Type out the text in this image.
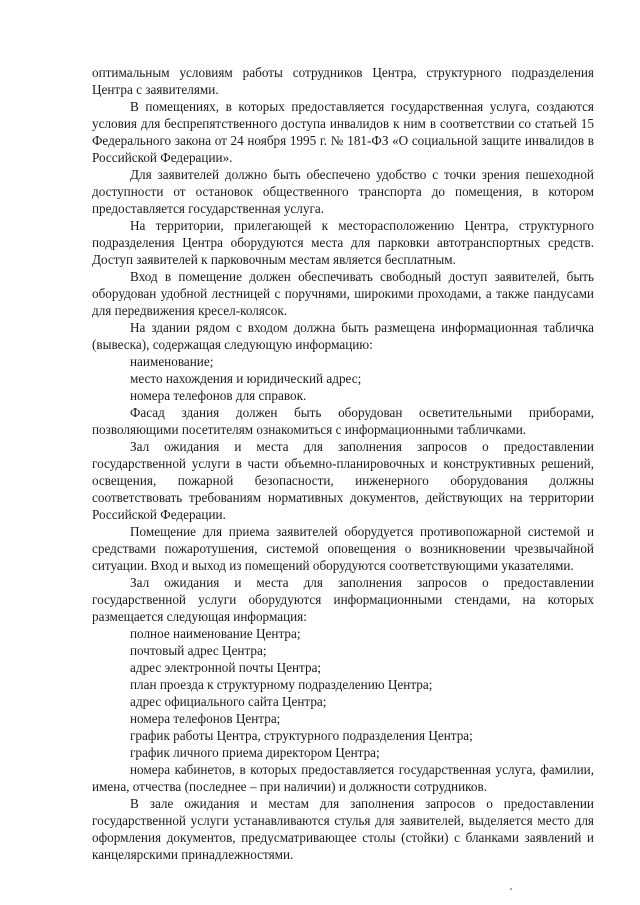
оптимальным условиям работы сотрудников Центра, структурного подразделения Центра с заявителями.

В помещениях, в которых предоставляется государственная услуга, создаются условия для беспрепятственного доступа инвалидов к ним в соответствии со статьей 15 Федерального закона от 24 ноября 1995 г. № 181-ФЗ «О социальной защите инвалидов в Российской Федерации».

Для заявителей должно быть обеспечено удобство с точки зрения пешеходной доступности от остановок общественного транспорта до помещения, в котором предоставляется государственная услуга.

На территории, прилегающей к месторасположению Центра, структурного подразделения Центра оборудуются места для парковки автотранспортных средств. Доступ заявителей к парковочным местам является бесплатным.

Вход в помещение должен обеспечивать свободный доступ заявителей, быть оборудован удобной лестницей с поручнями, широкими проходами, а также пандусами для передвижения кресел-колясок.

На здании рядом с входом должна быть размещена информационная табличка (вывеска), содержащая следующую информацию:

наименование;

место нахождения и юридический адрес;

номера телефонов для справок.

Фасад здания должен быть оборудован осветительными приборами, позволяющими посетителям ознакомиться с информационными табличками.

Зал ожидания и места для заполнения запросов о предоставлении государственной услуги в части объемно-планировочных и конструктивных решений, освещения, пожарной безопасности, инженерного оборудования должны соответствовать требованиям нормативных документов, действующих на территории Российской Федерации.

Помещение для приема заявителей оборудуется противопожарной системой и средствами пожаротушения, системой оповещения о возникновении чрезвычайной ситуации. Вход и выход из помещений оборудуются соответствующими указателями.

Зал ожидания и места для заполнения запросов о предоставлении государственной услуги оборудуются информационными стендами, на которых размещается следующая информация:

полное наименование Центра;

почтовый адрес Центра;

адрес электронной почты Центра;

план проезда к структурному подразделению Центра;

адрес официального сайта Центра;

номера телефонов Центра;

график работы Центра, структурного подразделения Центра;

график личного приема директором Центра;

номера кабинетов, в которых предоставляется государственная услуга, фамилии, имена, отчества (последнее – при наличии) и должности сотрудников.

В зале ожидания и местам для заполнения запросов о предоставлении государственной услуги устанавливаются стулья для заявителей, выделяется место для оформления документов, предусматривающее столы (стойки) с бланками заявлений и канцелярскими принадлежностями.
